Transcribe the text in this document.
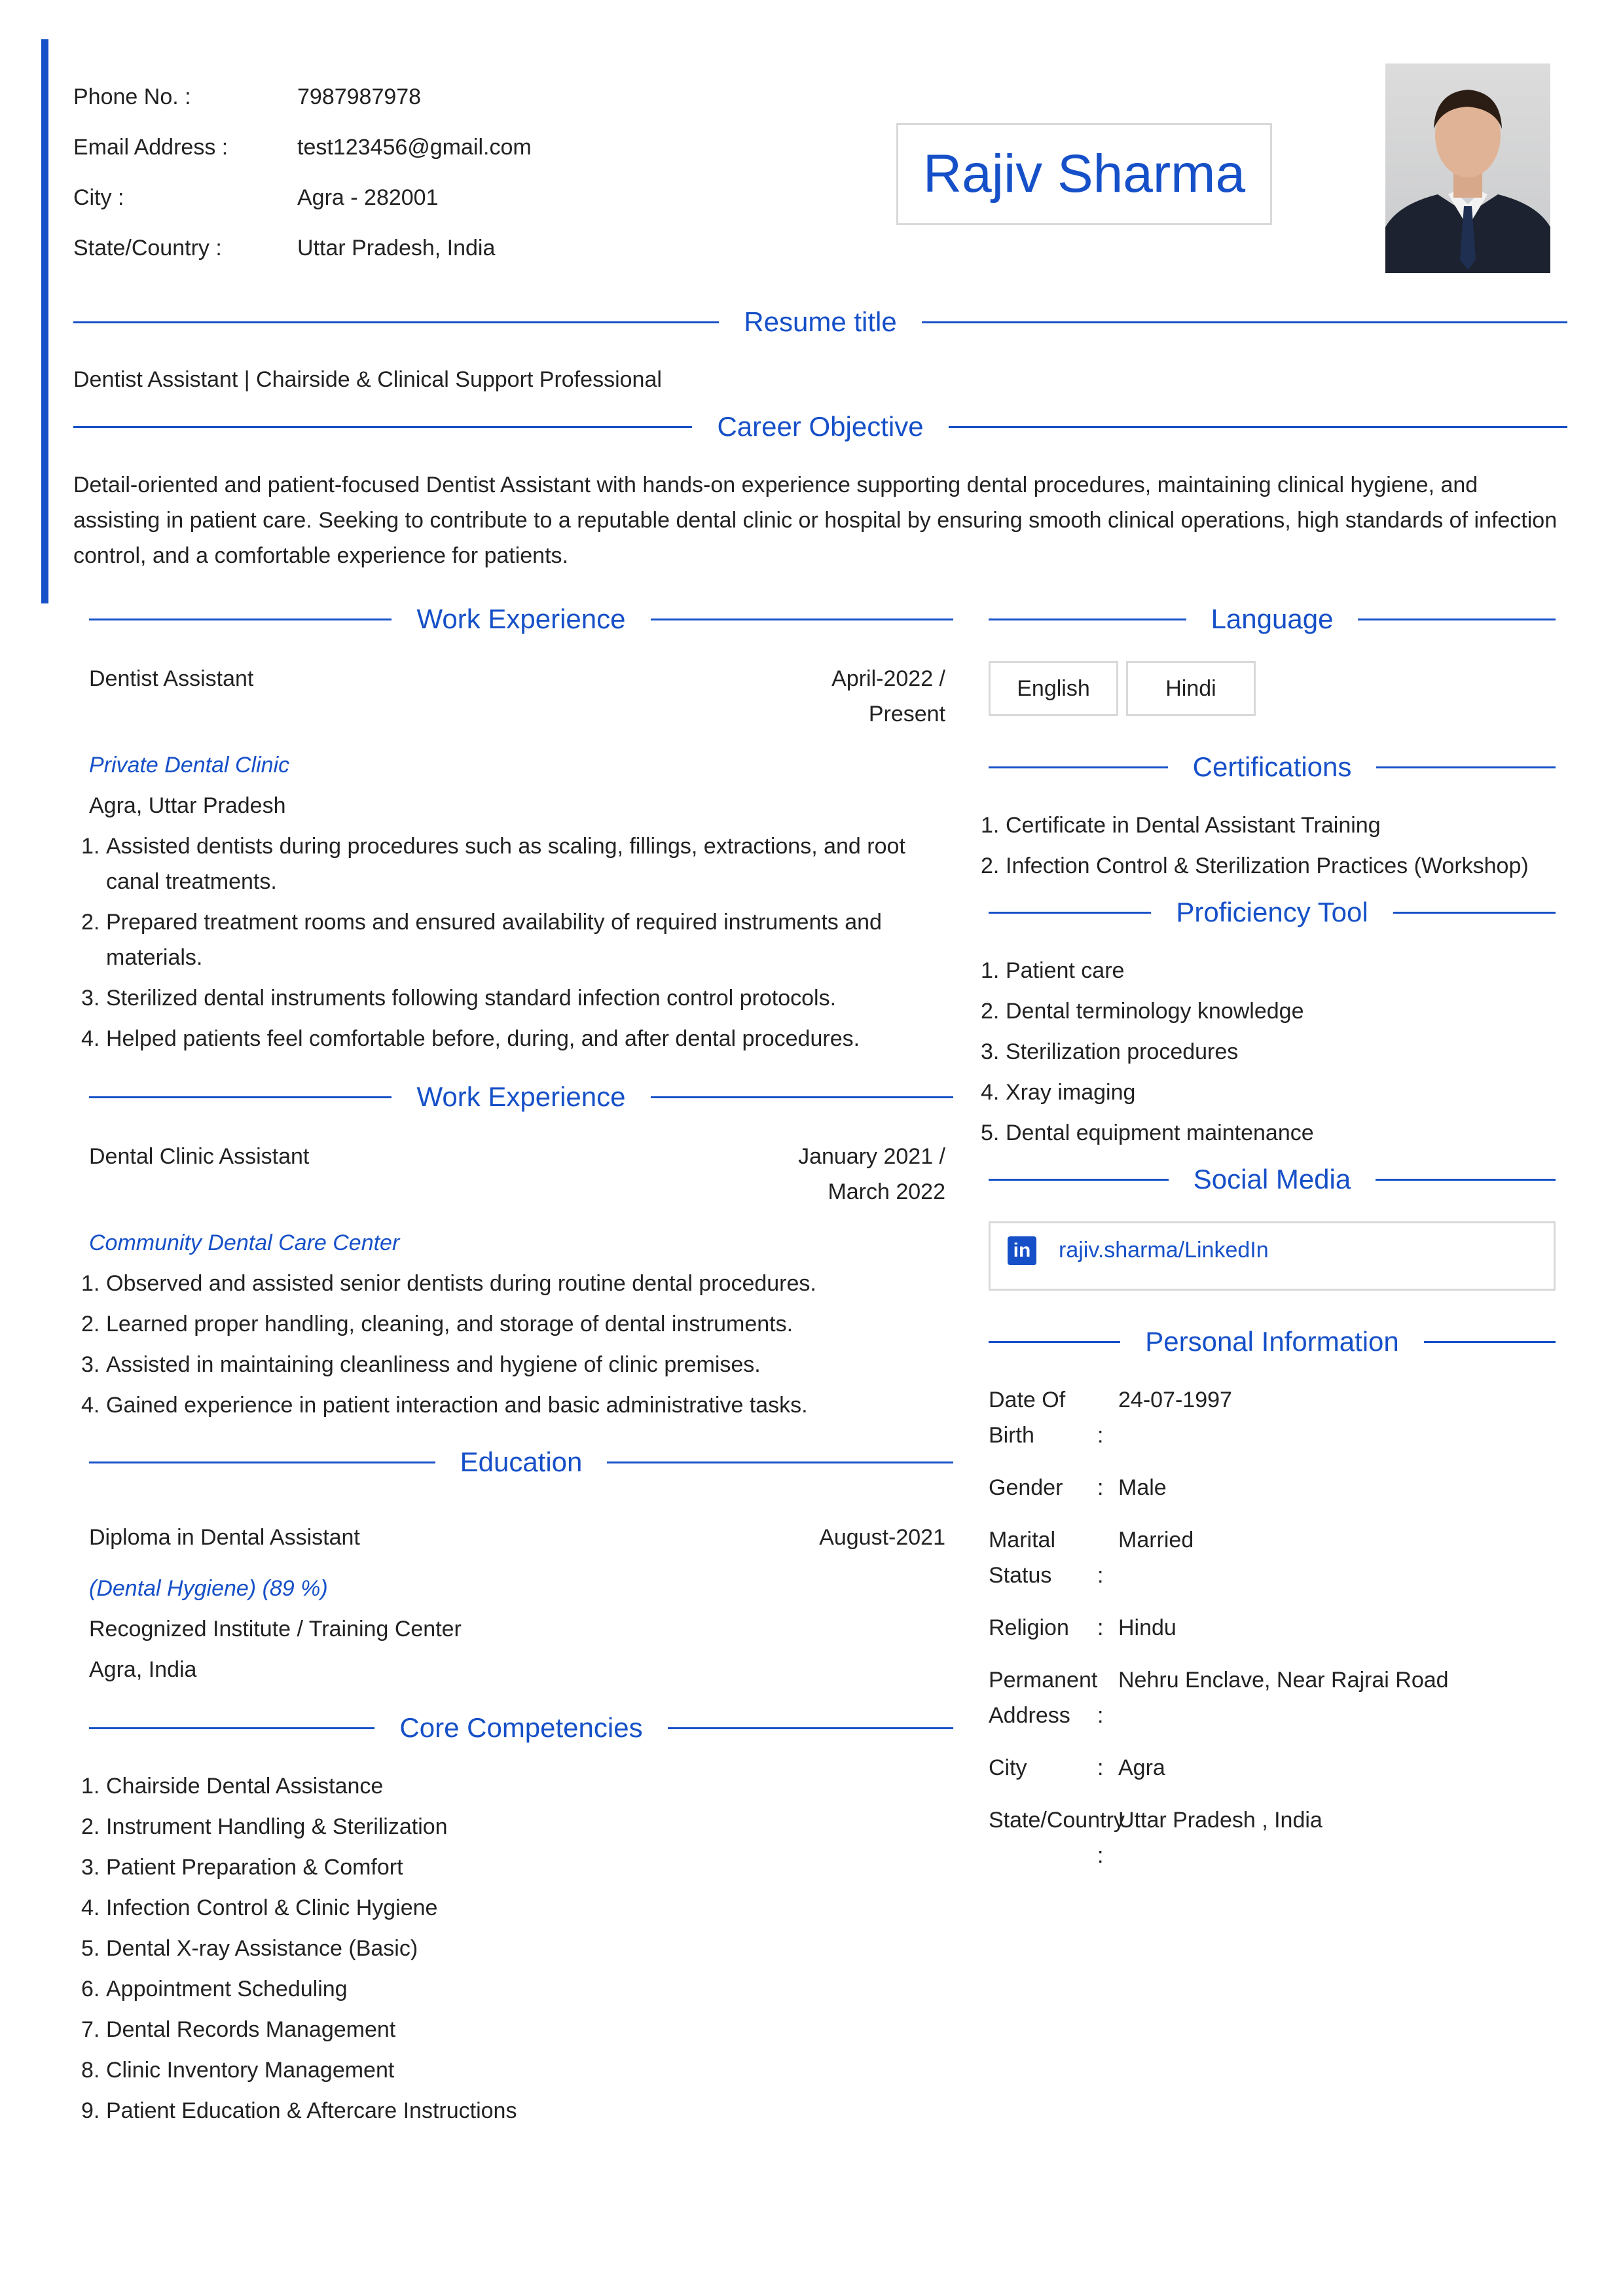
Phone No. :	7987987978
Email Address :	test123456@gmail.com
City :	Agra - 282001
State/Country :	Uttar Pradesh, India
Rajiv Sharma
Resume title
Dentist Assistant | Chairside & Clinical Support Professional
Career Objective
Detail-oriented and patient-focused Dentist Assistant with hands-on experience supporting dental procedures, maintaining clinical hygiene, and assisting in patient care. Seeking to contribute to a reputable dental clinic or hospital by ensuring smooth clinical operations, high standards of infection control, and a comfortable experience for patients.
Work Experience
Dentist Assistant	April-2022 /
Present
Private Dental Clinic
Agra, Uttar Pradesh
1. Assisted dentists during procedures such as scaling, fillings, extractions, and root canal treatments.
2. Prepared treatment rooms and ensured availability of required instruments and materials.
3. Sterilized dental instruments following standard infection control protocols.
4. Helped patients feel comfortable before, during, and after dental procedures.
Work Experience
Dental Clinic Assistant	January 2021 /
March 2022
Community Dental Care Center
1. Observed and assisted senior dentists during routine dental procedures.
2. Learned proper handling, cleaning, and storage of dental instruments.
3. Assisted in maintaining cleanliness and hygiene of clinic premises.
4. Gained experience in patient interaction and basic administrative tasks.
Education
Diploma in Dental Assistant	August-2021
(Dental Hygiene) (89 %)
Recognized Institute / Training Center
Agra, India
Core Competencies
1. Chairside Dental Assistance
2. Instrument Handling & Sterilization
3. Patient Preparation & Comfort
4. Infection Control & Clinic Hygiene
5. Dental X-ray Assistance (Basic)
6. Appointment Scheduling
7. Dental Records Management
8. Clinic Inventory Management
9. Patient Education & Aftercare Instructions
Language
English	Hindi
Certifications
1. Certificate in Dental Assistant Training
2. Infection Control & Sterilization Practices (Workshop)
Proficiency Tool
1. Patient care
2. Dental terminology knowledge
3. Sterilization procedures
4. Xray imaging
5. Dental equipment maintenance
Social Media
in rajiv.sharma/LinkedIn
Personal Information
Date Of Birth	:
24-07-1997
Gender	: Male
Marital Status	:
Married
Religion	: Hindu
Permanent Address	:
Nehru Enclave, Near Rajrai Road
City	: Agra
State/Country
:
Uttar Pradesh , India
